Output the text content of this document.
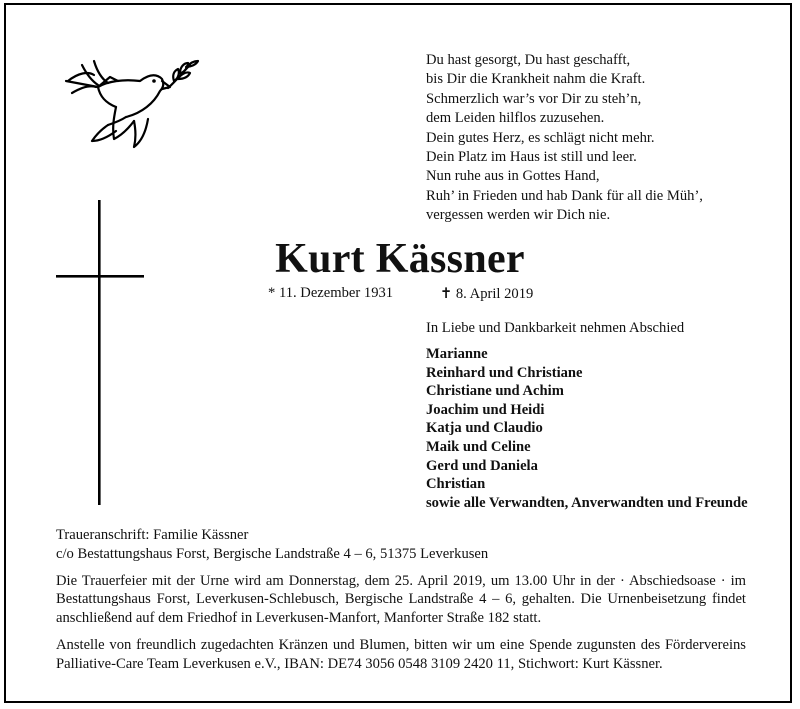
Du hast gesorgt, Du hast geschafft,
bis Dir die Krankheit nahm die Kraft.
Schmerzlich war’s vor Dir zu steh’n,
dem Leiden hilflos zuzusehen.
Dein gutes Herz, es schlägt nicht mehr.
Dein Platz im Haus ist still und leer.
Nun ruhe aus in Gottes Hand,
Ruh’ in Frieden und hab Dank für all die Müh’,
vergessen werden wir Dich nie.
Kurt Kässner
* 11. Dezember 1931	✝ 8. April 2019
In Liebe und Dankbarkeit nehmen Abschied
Marianne
Reinhard und Christiane
Christiane und Achim
Joachim und Heidi
Katja und Claudio
Maik und Celine
Gerd und Daniela
Christian
sowie alle Verwandten, Anverwandten und Freunde

Traueranschrift: Familie Kässner

c/o Bestattungshaus Forst, Bergische Landstraße 4 – 6, 51375 Leverkusen

Die Trauerfeier mit der Urne wird am Donnerstag, dem 25. April 2019, um 13.00 Uhr in der · Abschiedsoase · im Bestattungshaus Forst, Leverkusen-Schlebusch, Bergische Landstraße 4 – 6, gehalten. Die Urnenbeisetzung findet anschließend auf dem Friedhof in Leverkusen-Manfort, Manforter Straße 182 statt.

Anstelle von freundlich zugedachten Kränzen und Blumen, bitten wir um eine Spende zugunsten des Fördervereins Palliative-Care Team Leverkusen e.V., IBAN: DE74 3056 0548 3109 2420 11, Stichwort: Kurt Kässner.
